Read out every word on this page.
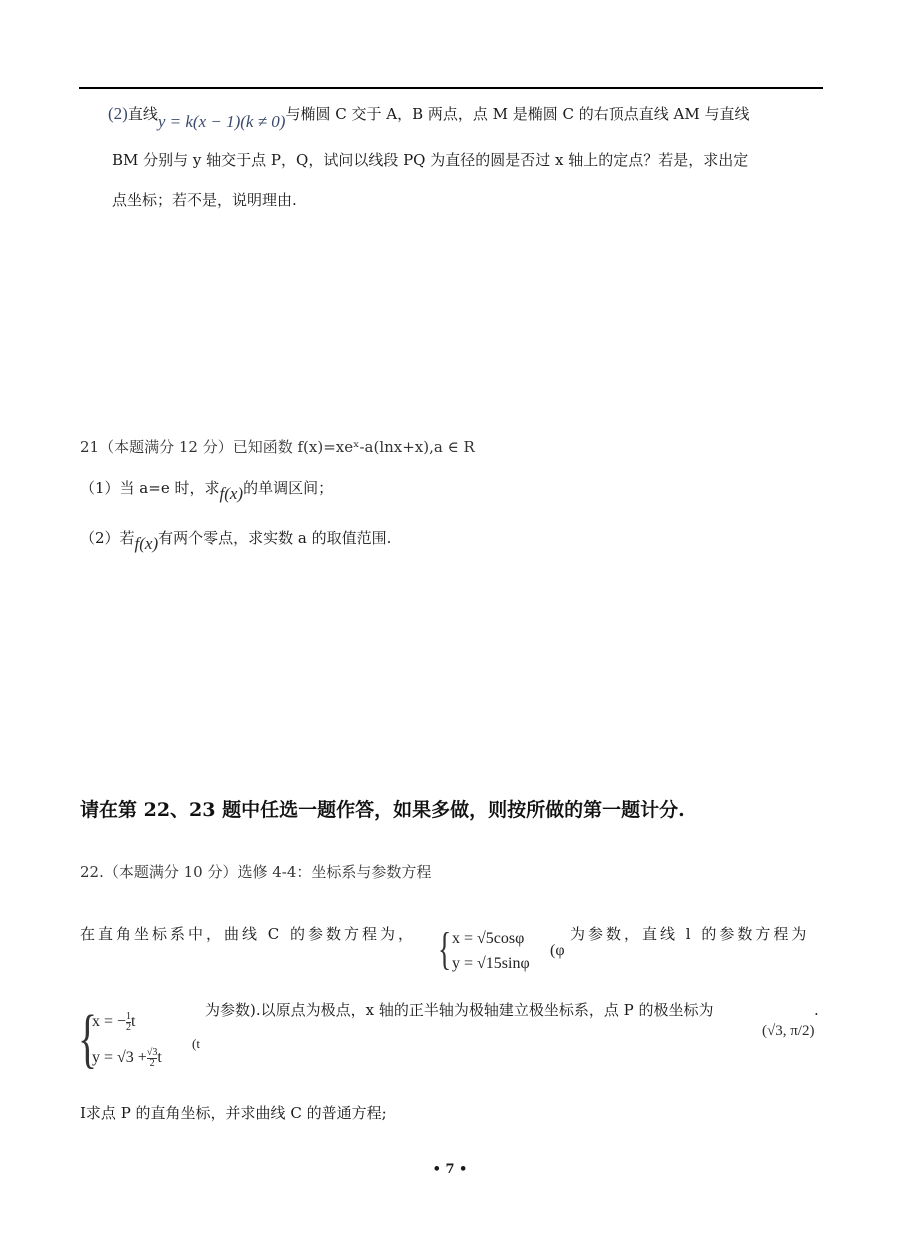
(2)直线y = k(x − 1)(k ≠ 0)与椭圆 C 交于 A，B 两点，点 M 是椭圆 C 的右顶点直线 AM 与直线
BM 分别与 y 轴交于点 P，Q，试问以线段 PQ 为直径的圆是否过 x 轴上的定点？若是，求出定
点坐标；若不是，说明理由.
21（本题满分 12 分）已知函数 f(x)=xeˣ-a(lnx+x),a ∈ R
（1）当 a=e 时，求f(x)的单调区间；
（2）若f(x)有两个零点，求实数 a 的取值范围.
请在第 22、23 题中任选一题作答，如果多做，则按所做的第一题计分.
22.（本题满分 10 分）选修 4-4：坐标系与参数方程
在直角坐标系中，曲线 C 的参数方程为， { x = √5cosφ
y = √15sinφ
(φ
为参数，直线 l 的参数方程为
{
x = − $\frac{1}{2}$ t
$y = √3 + \frac{√3}{2}$ t
(t
为参数).以原点为极点，x 轴的正半轴为极轴建立极坐标系，点 P 的极坐标为
(√3, π/2)
.
Ⅰ求点 P 的直角坐标，并求曲线 C 的普通方程;
• 7 •
